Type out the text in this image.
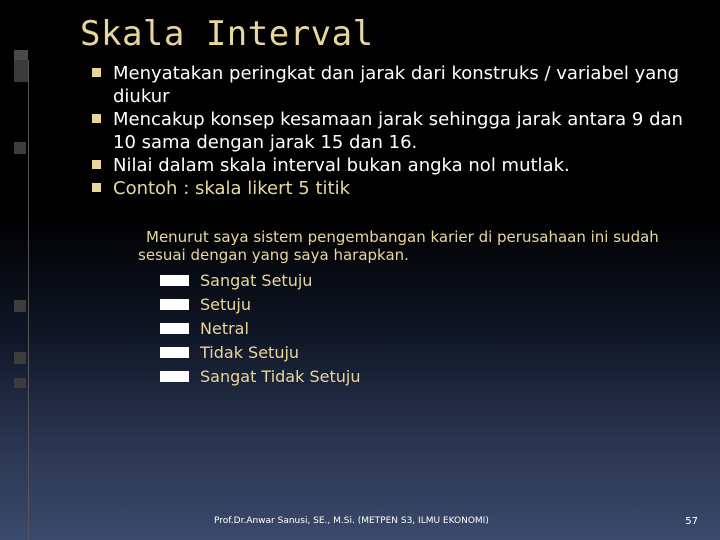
Skala Interval
Menyatakan peringkat dan jarak dari konstruks / variabel yang diukur
Mencakup konsep kesamaan jarak sehingga jarak antara 9 dan 10 sama dengan jarak 15 dan 16.
Nilai dalam skala interval bukan angka nol mutlak.
Contoh : skala likert 5 titik
Menurut saya sistem pengembangan karier di perusahaan ini sudah sesuai dengan yang saya harapkan.
Sangat Setuju
Setuju
Netral
Tidak Setuju
Sangat Tidak Setuju
Prof.Dr.Anwar Sanusi, SE., M.Si. (METPEN S3, ILMU EKONOMI)	57
